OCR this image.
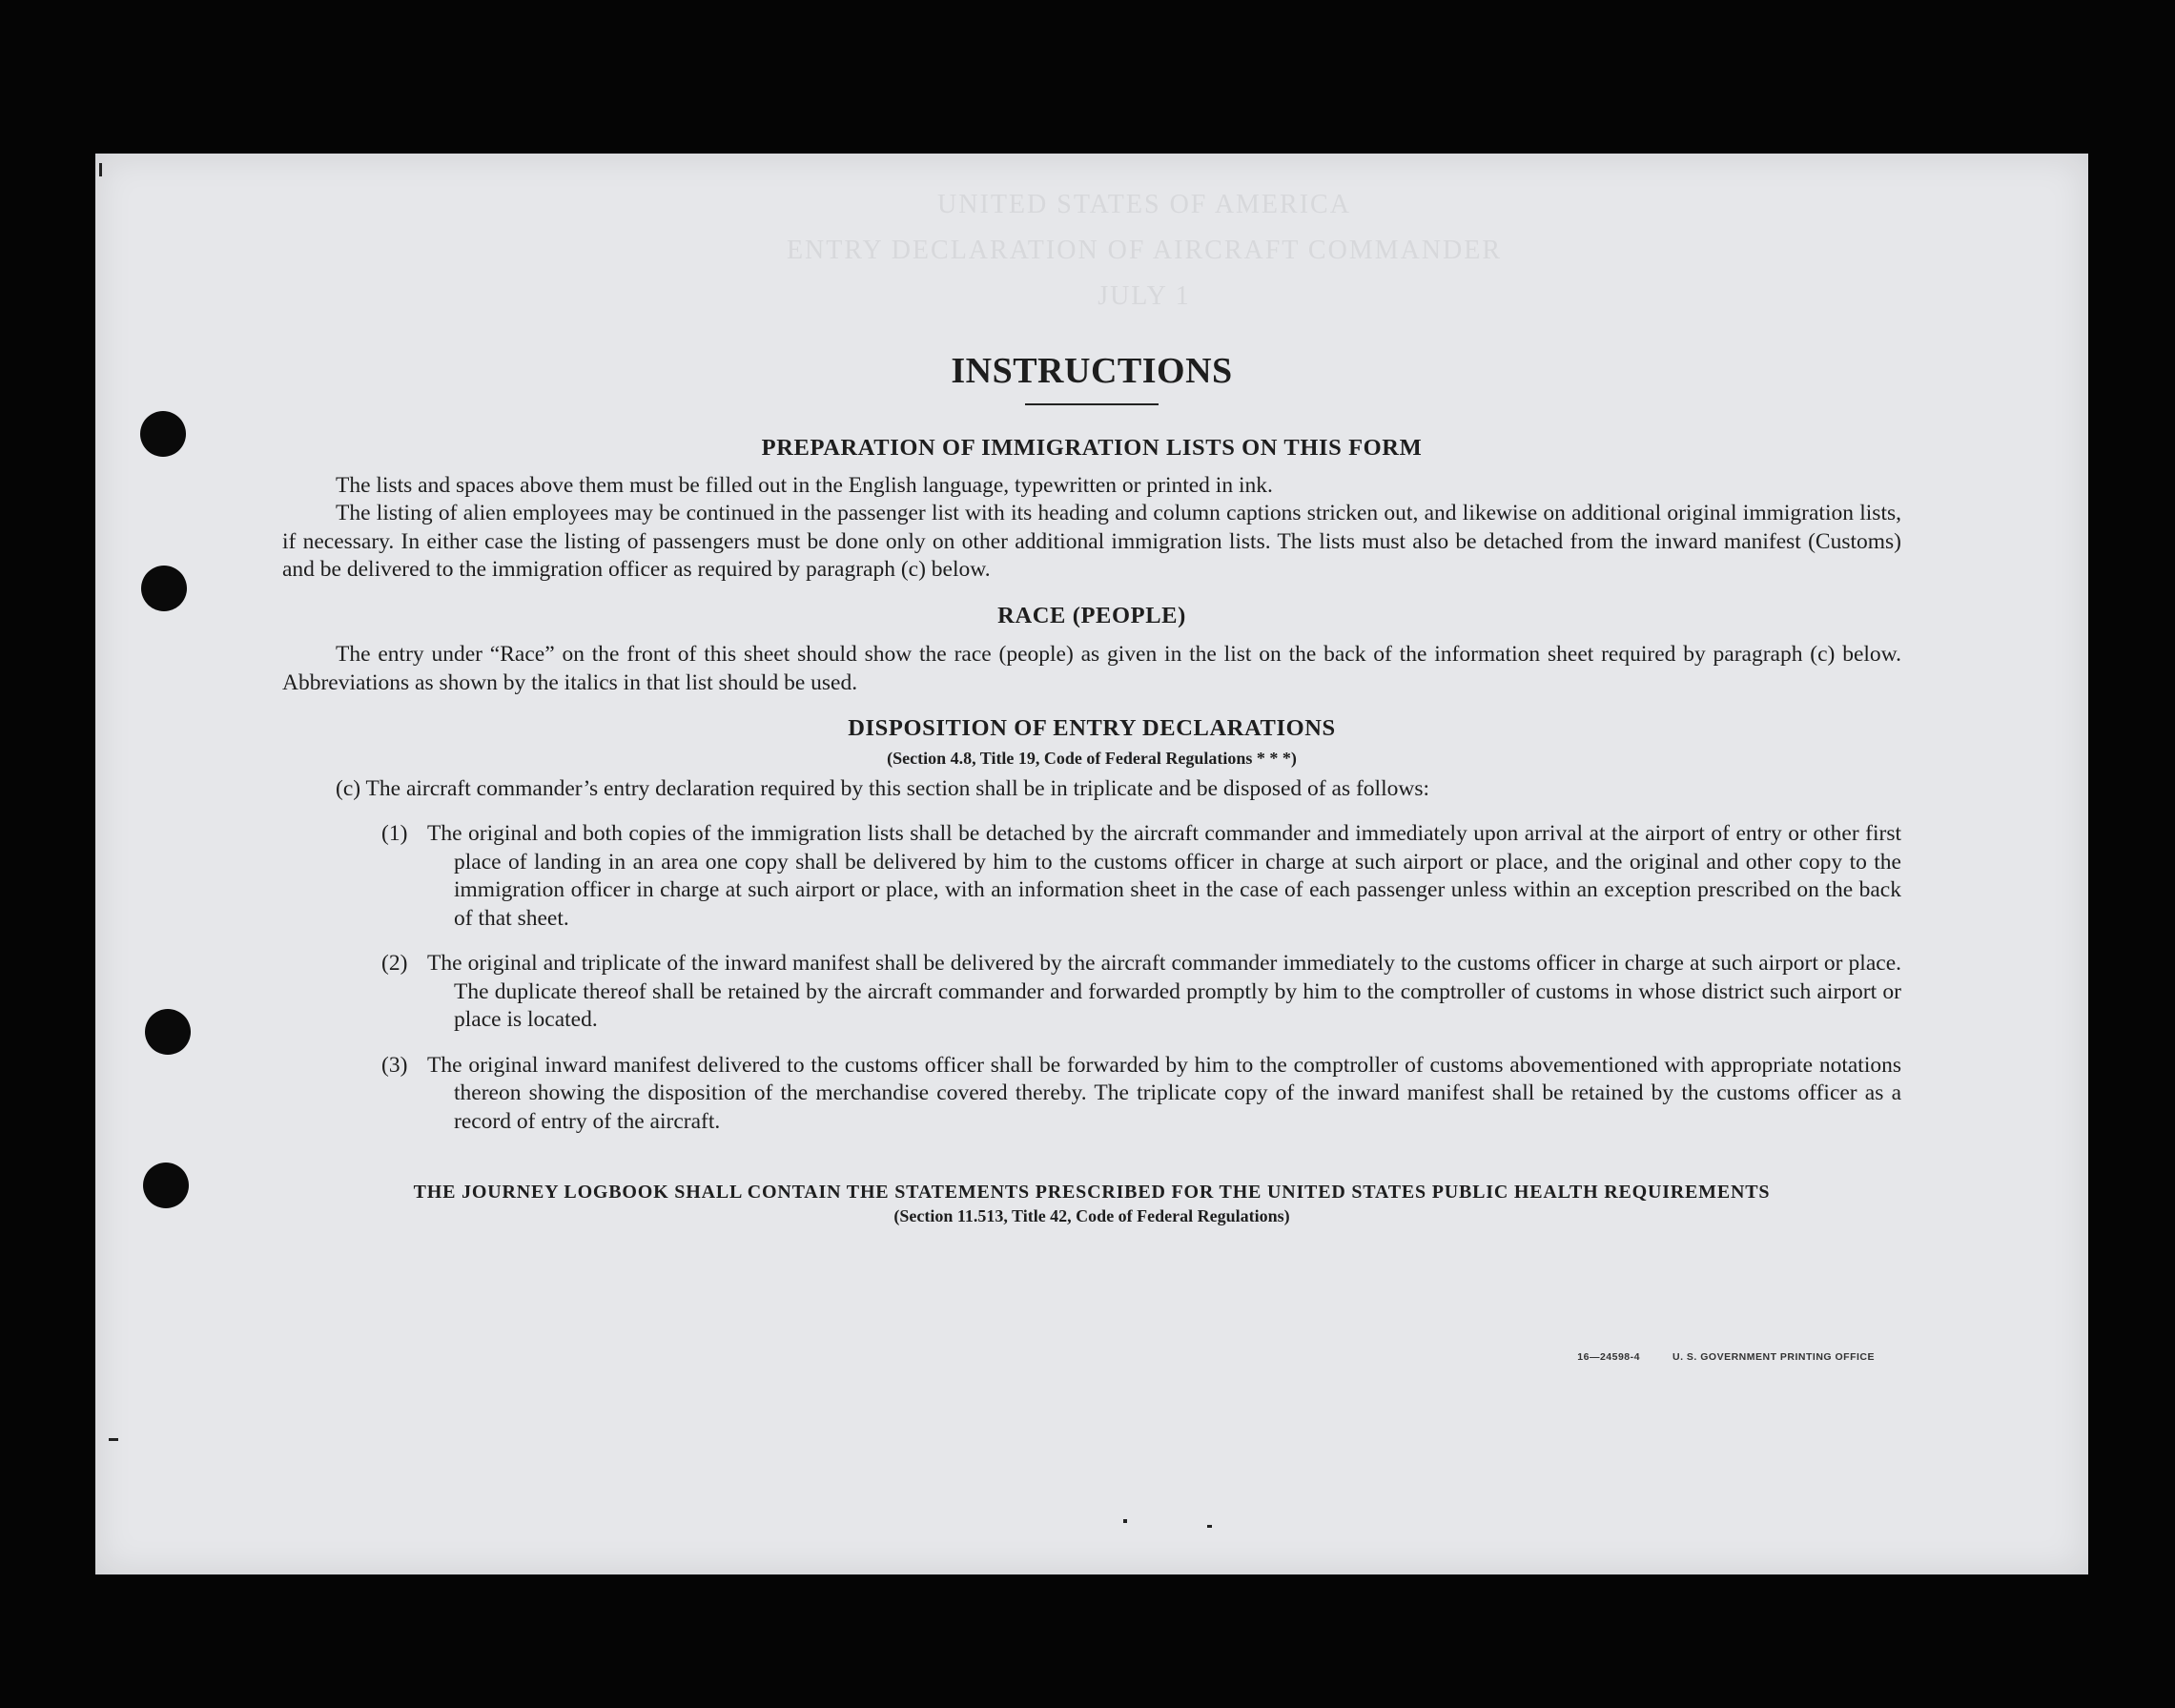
UNITED STATES OF AMERICA
ENTRY DECLARATION OF AIRCRAFT COMMANDER
JULY 1
INSTRUCTIONS
PREPARATION OF IMMIGRATION LISTS ON THIS FORM

The lists and spaces above them must be filled out in the English language, typewritten or printed in ink.

The listing of alien employees may be continued in the passenger list with its heading and column captions stricken out, and likewise on additional original immigration lists, if necessary. In either case the listing of passengers must be done only on other additional immigration lists. The lists must also be detached from the inward manifest (Customs) and be delivered to the immigration officer as required by paragraph (c) below.

RACE (PEOPLE)

The entry under “Race” on the front of this sheet should show the race (people) as given in the list on the back of the information sheet required by paragraph (c) below. Abbreviations as shown by the italics in that list should be used.

DISPOSITION OF ENTRY DECLARATIONS
(Section 4.8, Title 19, Code of Federal Regulations * * *)

(c) The aircraft commander’s entry declaration required by this section shall be in triplicate and be disposed of as follows:

(1) The original and both copies of the immigration lists shall be detached by the aircraft commander and immediately upon arrival at the airport of entry or other first place of landing in an area one copy shall be delivered by him to the customs officer in charge at such airport or place, and the original and other copy to the immigration officer in charge at such airport or place, with an information sheet in the case of each passenger unless within an exception prescribed on the back of that sheet.
(2) The original and triplicate of the inward manifest shall be delivered by the aircraft commander immediately to the customs officer in charge at such airport or place. The duplicate thereof shall be retained by the aircraft commander and forwarded promptly by him to the comptroller of customs in whose district such airport or place is located.
(3) The original inward manifest delivered to the customs officer shall be forwarded by him to the comptroller of customs abovementioned with appropriate notations thereon showing the disposition of the merchandise covered thereby. The triplicate copy of the inward manifest shall be retained by the customs officer as a record of entry of the aircraft.
THE JOURNEY LOGBOOK SHALL CONTAIN THE STATEMENTS PRESCRIBED FOR THE UNITED STATES PUBLIC HEALTH REQUIREMENTS
(Section 11.513, Title 42, Code of Federal Regulations)
16—24598-4	U. S. GOVERNMENT PRINTING OFFICE
